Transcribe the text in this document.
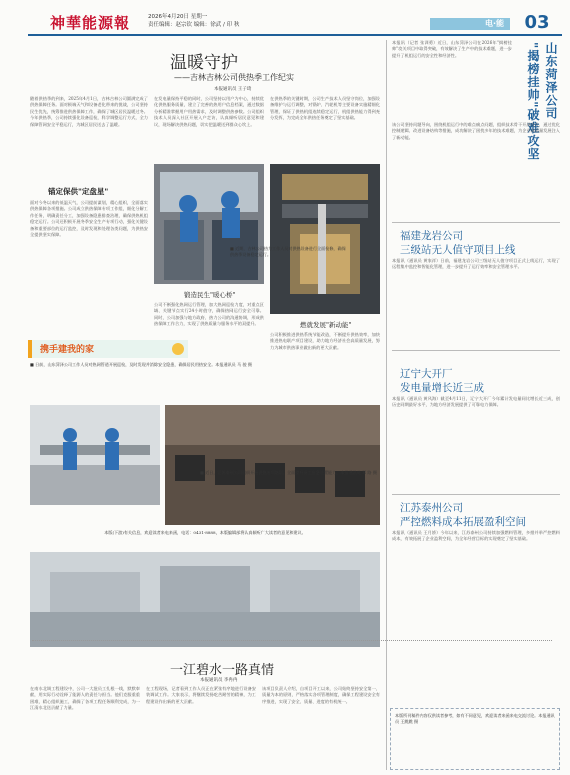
神華能源報	2026年4月20日 星期一
责任编辑：赵宗钦 编辑：徐武 / 印 秋	电·能	03
温暖守护
——吉林吉林公司供热季工作纪实
本报通讯员 王子琦
随着供热季的到来，2025年4月1日，吉林吉林公司圆满完成了供热保障任务。面对极端天气和设备老化带来的挑战，公司坚持民生优先，统筹推进供热保障工作，确保了城区居民温暖过冬。今年供热季，公司持续强化设备巡检，科学调整运行方式，全力保障管网安全平稳运行，为城区居民送去了温暖。
锚定保供"定盘星"
面对今冬以来的低温天气，公司提前谋划，精心组织，全面落实供热保障各项措施。公司成立供热保障专项工作组，细化分解工作任务，明确责任分工，加强设备隐患排查治理，确保供热机组稳定运行。公司还积极开展冬季安全生产专项行动，强化关键设备和重要部位的运行监控，及时发现和处理各类问题，为供热安全提供坚实保障。
在发电量保持平稳的同时，公司坚持以用户为中心，持续优化供热服务质量，建立了完善的热用户信息档案，通过数据分析精准掌握用户用热需求，及时调整供热参数。公司组织技术人员深入社区开展入户走访，认真倾听居民意见和建议，现场解决供热问题，切实把温暖送到群众心坎上。
锻造民生"暖心桥"
公司不断强化热网运行管理，加大热网巡检力度，对重点区域、关键节点实行24小时值守，确保热网运行安全可靠。同时，公司加强与地方政府、热力公司的沟通协调，形成供热保障工作合力，实现了供热质量与服务水平的双提升。
在供热季的关键时期，公司生产技术人员坚守岗位，加强设备维护与运行调整，对锅炉、汽轮机等主要设备实施精细化管理，保证了供热机组连续稳定运行，机组供热能力得到充分发挥，为完成全年供热任务奠定了坚实基础。
燃就发展"新动能"
公司积极推进供热系统节能改造，不断提升供热效率，加快推进热电联产项目建设，助力地方经济社会高质量发展，努力为城市供热事业做出新的更大贡献。
■ 近期，吉林公司热力工作人员对供热设备进行全面检修，确保供热季设备稳定运行。
携手建我的家
■ 日前，山东菏泽公司工作人员对热网管道开展巡检，及时发现并消除安全隐患，确保居民用热安全。本报通讯员 马 骏 摄
■ 近日，江苏泰州公司组织开展供热专项培训，全面提升员工应急处置能力。本报通讯员 郑 路 摄
本版(下游)有关信息，欢迎读者来电来函，电话：0431-8888，本版编辑部将认真倾听广大读者的意见和建议。
一江碧水一路真情
本报通讯员 李冉冉
在南水北调工程建设中，公司一大批员工扎根一线，默默奉献，用实际行动诠释了能源人的责任与担当。他们克服重重困难，精心组织施工，确保了各项工程任务顺利完成，为一江清水北送贡献了力量。
在工程现场，记者看到工作人员正在紧张有序地进行设备安装调试工作。大家表示，将继续发扬吃苦耐劳的精神，为工程建设作出新的更大贡献。
该项目负责人介绍，自项目开工以来，公司始终坚持安全第一、质量为本的原则，严格落实各项管理制度，确保工程建设安全有序推进，实现了安全、质量、进度的有机统一。
山东菏泽公司
"揭榜挂帅"破难攻坚
本报讯（记者 张训勇）近日，山东菏泽公司在2026年"揭榜挂帅"攻关项目中取得突破，有效解决了生产中的技术难题，进一步提升了机组运行的安全性和经济性。
该公司坚持问题导向，围绕机组运行中的难点痛点问题，组织技术骨干开展攻关，通过优化控制逻辑、改进设备结构等措施，成功解决了困扰多年的技术难题，为企业高质量发展注入了新动能。
福建龙岩公司
三级站无人值守项目上线
本报讯（通讯员 黄家祥）日前，福建龙岩公司三级站无人值守项目正式上线运行，实现了远程集中监控和智能化管理，进一步提升了运行效率和安全管理水平。
辽宁大开厂
发电量增长近三成
本报讯（通讯员 黄风海）截至4月11日，辽宁大开厂今年累计发电量同比增长近三成，创历史同期最好水平，为地方经济发展提供了可靠电力保障。
江苏泰州公司
严控燃料成本拓展盈利空间
本报讯（通讯员 王月娇）今年以来，江苏泰州公司持续加强燃料管理，多措并举严控燃料成本，有效拓展了企业盈利空间，为全年经营目标的实现奠定了坚实基础。
本版所刊稿件内容仅供读者参考，如有不同意见，欢迎读者来函来电交流讨论。本报通讯员 王跳跳 摄
